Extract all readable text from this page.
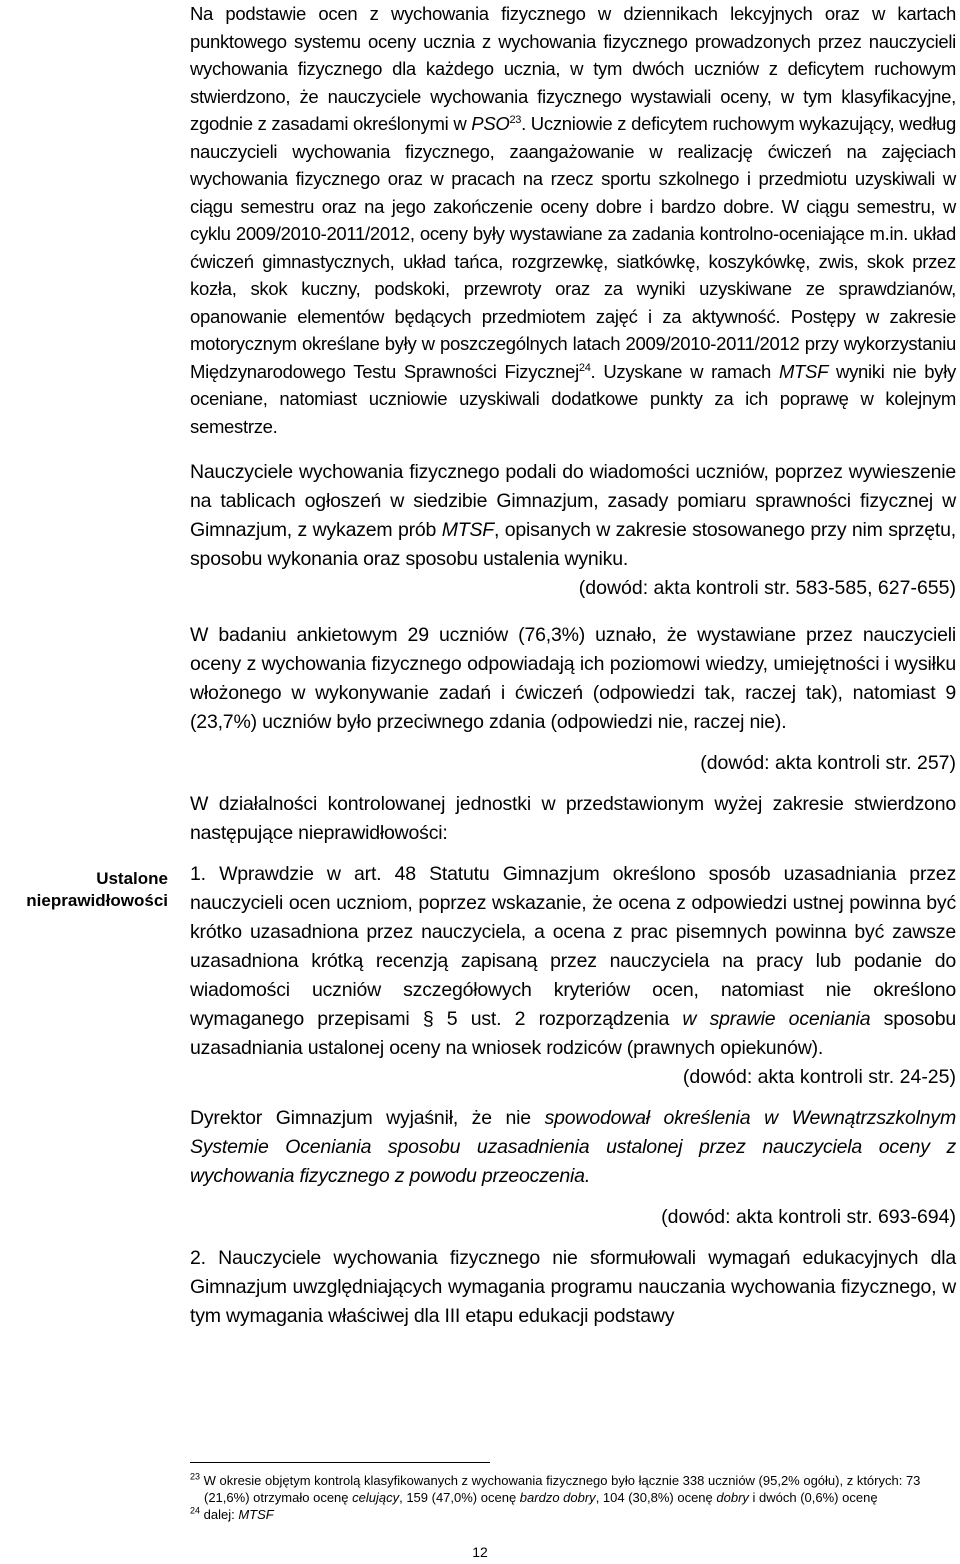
Ustalone
nieprawidłowości

Na podstawie ocen z wychowania fizycznego w dziennikach lekcyjnych oraz w kartach punktowego systemu oceny ucznia z wychowania fizycznego prowadzonych przez nauczycieli wychowania fizycznego dla każdego ucznia, w tym dwóch uczniów z deficytem ruchowym stwierdzono, że nauczyciele wychowania fizycznego wystawiali oceny, w tym klasyfikacyjne, zgodnie z zasadami określonymi w PSO$^{23}$. Uczniowie z deficytem ruchowym wykazujący, według nauczycieli wychowania fizycznego, zaangażowanie w realizację ćwiczeń na zajęciach wychowania fizycznego oraz w pracach na rzecz sportu szkolnego i przedmiotu uzyskiwali w ciągu semestru oraz na jego zakończenie oceny dobre i bardzo dobre. W ciągu semestru, w cyklu 2009/2010-2011/2012, oceny były wystawiane za zadania kontrolno-oceniające m.in. układ ćwiczeń gimnastycznych, układ tańca, rozgrzewkę, siatkówkę, koszykówkę, zwis, skok przez kozła, skok kuczny, podskoki, przewroty oraz za wyniki uzyskiwane ze sprawdzianów, opanowanie elementów będących przedmiotem zajęć i za aktywność. Postępy w zakresie motorycznym określane były w poszczególnych latach 2009/2010-2011/2012 przy wykorzystaniu Międzynarodowego Testu Sprawności Fizycznej$^{24}$. Uzyskane w ramach MTSF wyniki nie były oceniane, natomiast uczniowie uzyskiwali dodatkowe punkty za ich poprawę w kolejnym semestrze.

Nauczyciele wychowania fizycznego podali do wiadomości uczniów, poprzez wywieszenie na tablicach ogłoszeń w siedzibie Gimnazjum, zasady pomiaru sprawności fizycznej w Gimnazjum, z wykazem prób MTSF, opisanych w zakresie stosowanego przy nim sprzętu, sposobu wykonania oraz sposobu ustalenia wyniku.

(dowód: akta kontroli str. 583-585, 627-655)

W badaniu ankietowym 29 uczniów (76,3%) uznało, że wystawiane przez nauczycieli oceny z wychowania fizycznego odpowiadają ich poziomowi wiedzy, umiejętności i wysiłku włożonego w wykonywanie zadań i ćwiczeń (odpowiedzi tak, raczej tak), natomiast 9 (23,7%) uczniów było przeciwnego zdania (odpowiedzi nie, raczej nie).

(dowód: akta kontroli str. 257)

W działalności kontrolowanej jednostki w przedstawionym wyżej zakresie stwierdzono następujące nieprawidłowości:

1. Wprawdzie w art. 48 Statutu Gimnazjum określono sposób uzasadniania przez nauczycieli ocen uczniom, poprzez wskazanie, że ocena z odpowiedzi ustnej powinna być krótko uzasadniona przez nauczyciela, a ocena z prac pisemnych powinna być zawsze uzasadniona krótką recenzją zapisaną przez nauczyciela na pracy lub podanie do wiadomości uczniów szczegółowych kryteriów ocen, natomiast nie określono wymaganego przepisami § 5 ust. 2 rozporządzenia w sprawie oceniania sposobu uzasadniania ustalonej oceny na wniosek rodziców (prawnych opiekunów).

(dowód: akta kontroli str. 24-25)

Dyrektor Gimnazjum wyjaśnił, że nie spowodował określenia w Wewnątrzszkolnym Systemie Oceniania sposobu uzasadnienia ustalonej przez nauczyciela oceny z wychowania fizycznego z powodu przeoczenia.

(dowód: akta kontroli str. 693-694)

2. Nauczyciele wychowania fizycznego nie sformułowali wymagań edukacyjnych dla Gimnazjum uwzględniających wymagania programu nauczania wychowania fizycznego, w tym wymagania właściwej dla III etapu edukacji podstawy

$^{23}$ W okresie objętym kontrolą klasyfikowanych z wychowania fizycznego było łącznie 338 uczniów (95,2% ogółu), z których: 73 (21,6%) otrzymało ocenę celujący, 159 (47,0%) ocenę bardzo dobry, 104 (30,8%) ocenę dobry i dwóch (0,6%) ocenę

$^{24}$ dalej: MTSF

12
